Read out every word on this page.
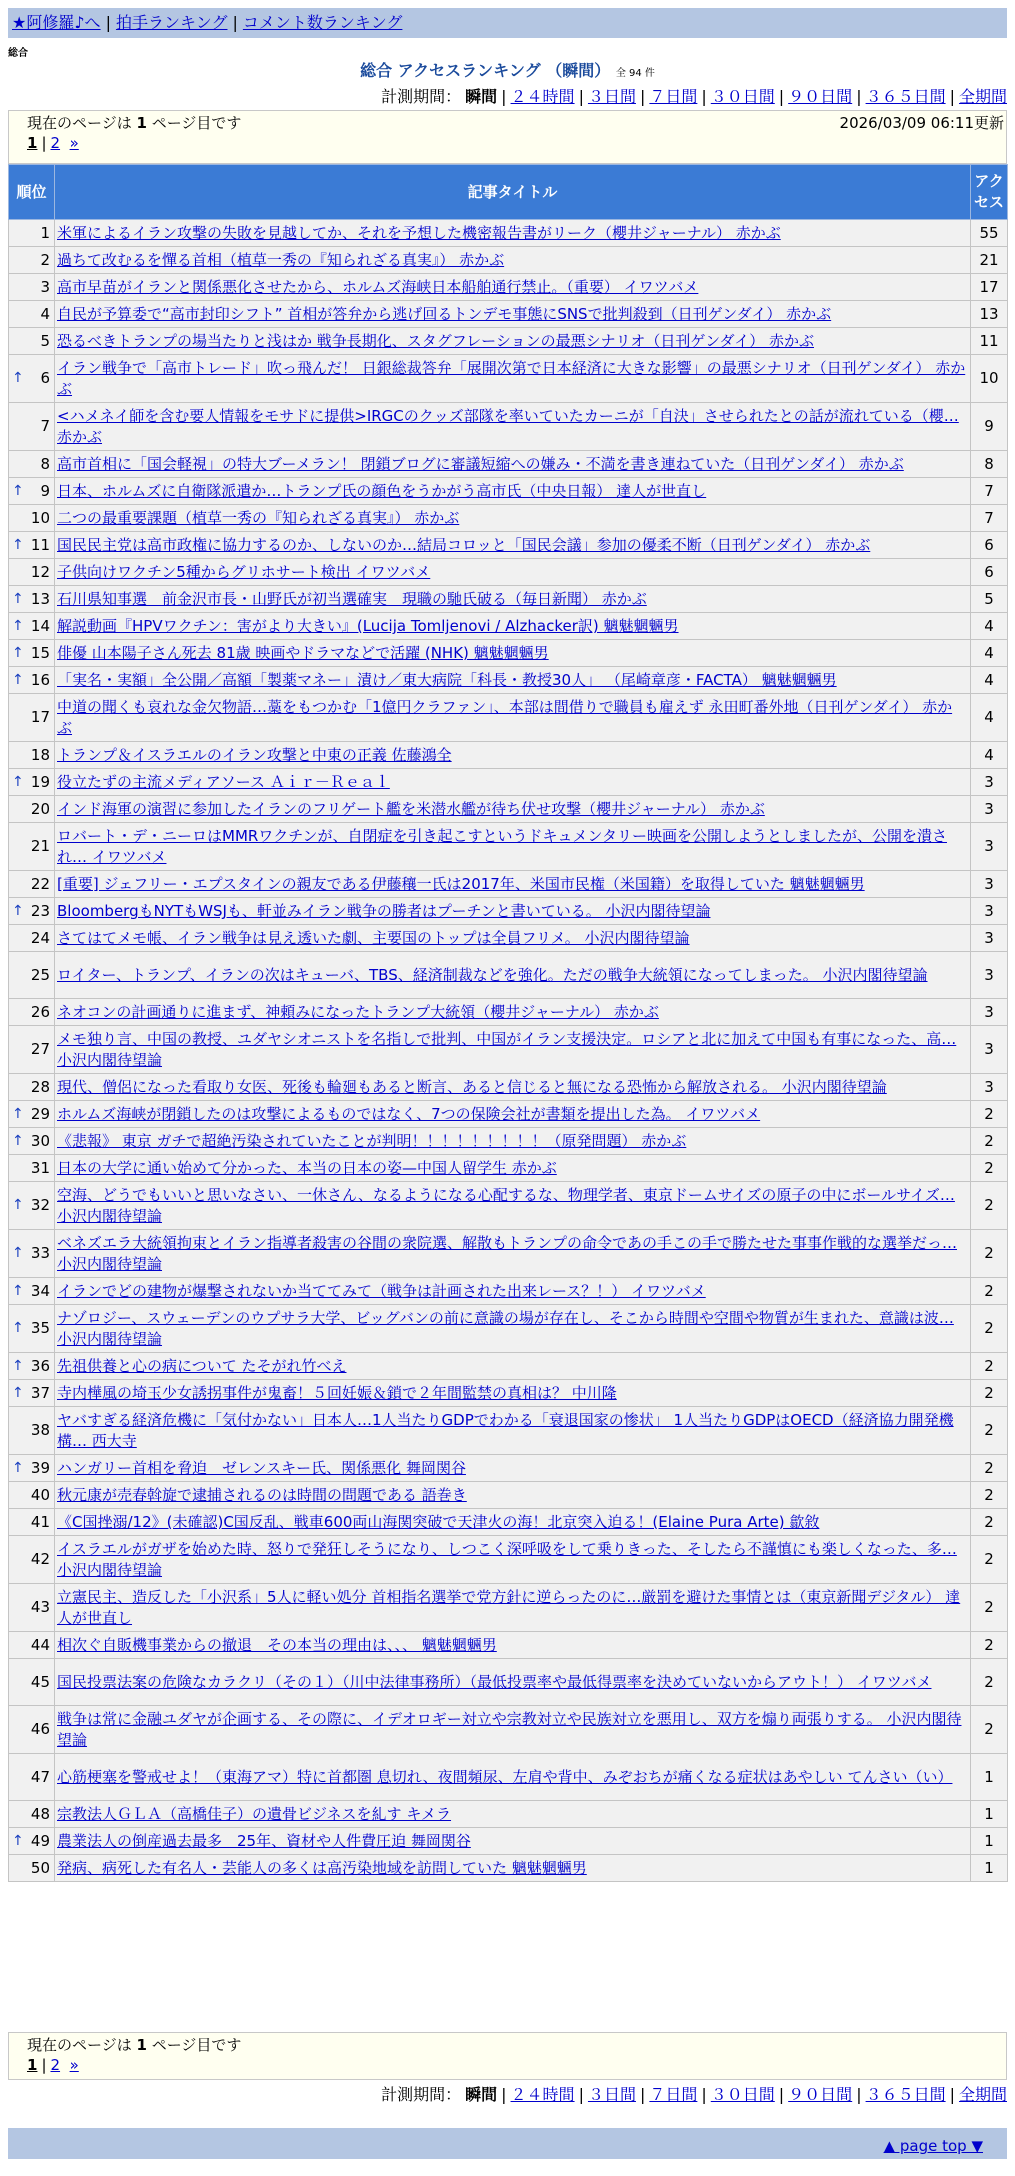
★阿修羅♪へ | 拍手ランキング | コメント数ランキング
総合
総合 アクセスランキング （瞬間） 全 94 件
計測期間： 瞬間 | ２４時間 | ３日間 | ７日間 | ３０日間 | ９０日間 | ３６５日間 | 全期間
現在のページは 1 ページ目です	2026/03/09 06:11更新
1 | 2 »
順位	記事タイトル	アクセス
1	米軍によるイラン攻撃の失敗を見越してか、それを予想した機密報告書がリーク（櫻井ジャーナル） 赤かぶ	55
2	過ちて改むるを憚る首相（植草一秀の『知られざる真実』） 赤かぶ	21
3	高市早苗がイランと関係悪化させたから、ホルムズ海峡日本船舶通行禁止。（重要） イワツバメ	17
4	自民が予算委で“高市封印シフト” 首相が答弁から逃げ回るトンデモ事態にSNSで批判殺到（日刊ゲンダイ） 赤かぶ	13
5	恐るべきトランプの場当たりと浅はか 戦争長期化、スタグフレーションの最悪シナリオ（日刊ゲンダイ） 赤かぶ	11

↑ 6	イラン戦争で「高市トレード」吹っ飛んだ！ 日銀総裁答弁「展開次第で日本経済に大きな影響」の最悪シナリオ（日刊ゲンダイ） 赤かぶ	10
7	<ハメネイ師を含む要人情報をモサドに提供>IRGCのクッズ部隊を率いていたカーニが「自決」させられたとの話が流れている（櫻… 赤かぶ	9
8	高市首相に「国会軽視」の特大ブーメラン！ 閉鎖ブログに審議短縮への嫌み・不満を書き連ねていた（日刊ゲンダイ） 赤かぶ	8

↑ 9	日本、ホルムズに自衛隊派遣か…トランプ氏の顔色をうかがう高市氏（中央日報） 達人が世直し	7
10	二つの最重要課題（植草一秀の『知られざる真実』） 赤かぶ	7

↑ 11	国民民主党は高市政権に協力するのか、しないのか…結局コロッと「国民会議」参加の優柔不断（日刊ゲンダイ） 赤かぶ	6
12	子供向けワクチン5種からグリホサート検出 イワツバメ	6

↑ 13	石川県知事選　前金沢市長・山野氏が初当選確実　現職の馳氏破る（毎日新聞） 赤かぶ	5

↑ 14	解説動画『HPVワクチン：害がより大きい』(Lucija Tomljenovi / Alzhacker訳) 魑魅魍魎男	4

↑ 15	俳優 山本陽子さん死去 81歳 映画やドラマなどで活躍 (NHK) 魑魅魍魎男	4

↑ 16	「実名・実額」全公開／高額「製薬マネー」漬け／東大病院「科長・教授30人」 （尾崎章彦・FACTA） 魑魅魍魎男	4
17	中道の聞くも哀れな金欠物語…藁をもつかむ「1億円クラファン」、本部は間借りで職員も雇えず 永田町番外地（日刊ゲンダイ） 赤かぶ	4
18	トランプ＆イスラエルのイラン攻撃と中東の正義 佐藤鴻全	4

↑ 19	役立たずの主流メディアソース Ａｉｒ－Ｒｅａｌ	3
20	インド海軍の演習に参加したイランのフリゲート艦を米潜水艦が待ち伏せ攻撃（櫻井ジャーナル） 赤かぶ	3
21	ロバート・デ・ニーロはMMRワクチンが、自閉症を引き起こすというドキュメンタリー映画を公開しようとしましたが、公開を潰され… イワツバメ	3
22	[重要] ジェフリー・エプスタインの親友である伊藤穰一氏は2017年、米国市民権（米国籍）を取得していた 魑魅魍魎男	3

↑ 23	BloombergもNYTもWSJも、軒並みイラン戦争の勝者はプーチンと書いている。 小沢内閣待望論	3
24	さてはてメモ帳、イラン戦争は見え透いた劇、主要国のトップは全員フリメ。 小沢内閣待望論	3
25	ロイター、トランプ、イランの次はキューバ、TBS、経済制裁などを強化。ただの戦争大統領になってしまった。 小沢内閣待望論	3
26	ネオコンの計画通りに進まず、神頼みになったトランプ大統領（櫻井ジャーナル） 赤かぶ	3
27	メモ独り言、中国の教授、ユダヤシオニストを名指しで批判、中国がイラン支援決定。ロシアと北に加えて中国も有事になった、高… 小沢内閣待望論	3
28	現代、僧侶になった看取り女医、死後も輪廻もあると断言、あると信じると無になる恐怖から解放される。 小沢内閣待望論	3

↑ 29	ホルムズ海峡が閉鎖したのは攻撃によるものではなく、7つの保険会社が書類を提出した為。 イワツバメ	2

↑ 30	《悲報》 東京 ガチで超絶汚染されていたことが判明！！！！！！！！！（原発問題） 赤かぶ	2
31	日本の大学に通い始めて分かった、本当の日本の姿—中国人留学生 赤かぶ	2

↑ 32	空海、どうでもいいと思いなさい、一休さん、なるようになる心配するな、物理学者、東京ドームサイズの原子の中にボールサイズ… 小沢内閣待望論	2

↑ 33	ベネズエラ大統領拘束とイラン指導者殺害の谷間の衆院選、解散もトランプの命令であの手この手で勝たせた事事作戦的な選挙だっ… 小沢内閣待望論	2

↑ 34	イランでどの建物が爆撃されないか当ててみて（戦争は計画された出来レース？！） イワツバメ	2

↑ 35	ナゾロジー、スウェーデンのウプサラ大学、ビッグバンの前に意識の場が存在し、そこから時間や空間や物質が生まれた、意識は波… 小沢内閣待望論	2

↑ 36	先祖供養と心の病について たそがれ竹べえ	2

↑ 37	寺内樺風の埼玉少女誘拐事件が鬼畜！５回妊娠＆鎖で２年間監禁の真相は？ 中川隆	2
38	ヤバすぎる経済危機に「気付かない」日本人…1人当たりGDPでわかる「衰退国家の惨状」 1人当たりGDPはOECD（経済協力開発機構… 西大寺	2

↑ 39	ハンガリー首相を脅迫　ゼレンスキー氏、関係悪化 舞岡関谷	2
40	秋元康が売春斡旋で逮捕されるのは時間の問題である 語巻き	2
41	《C国挫溺/12》(未確認)C国反乱、戦車600両山海関突破で天津火の海！北京突入迫る！(Elaine Pura Arte) 歙敘	2
42	イスラエルがガザを始めた時、怒りで発狂しそうになり、しつこく深呼吸をして乗りきった、そしたら不謹慎にも楽しくなった、多… 小沢内閣待望論	2
43	立憲民主、造反した「小沢系」5人に軽い処分 首相指名選挙で党方針に逆らったのに…厳罰を避けた事情とは（東京新聞デジタル） 達人が世直し	2
44	相次ぐ自販機事業からの撤退　その本当の理由は、、、 魑魅魍魎男	2
45	国民投票法案の危険なカラクリ（その１）（川中法律事務所）（最低投票率や最低得票率を決めていないからアウト！） イワツバメ	2
46	戦争は常に金融ユダヤが企画する、その際に、イデオロギー対立や宗教対立や民族対立を悪用し、双方を煽り両張りする。 小沢内閣待望論	2
47	心筋梗塞を警戒せよ！（東海アマ）特に首都圏 息切れ、夜間頻尿、左肩や背中、みぞおちが痛くなる症状はあやしい てんさい（い）	1
48	宗教法人ＧＬＡ（高橋佳子）の遺骨ビジネスを糺す キメラ	1

↑ 49	農業法人の倒産過去最多　25年、資材や人件費圧迫 舞岡関谷	1
50	発病、病死した有名人・芸能人の多くは高汚染地域を訪問していた 魑魅魍魎男	1
現在のページは 1 ページ目です
1 | 2 »
計測期間： 瞬間 | ２４時間 | ３日間 | ７日間 | ３０日間 | ９０日間 | ３６５日間 | 全期間
▲ page top ▼
